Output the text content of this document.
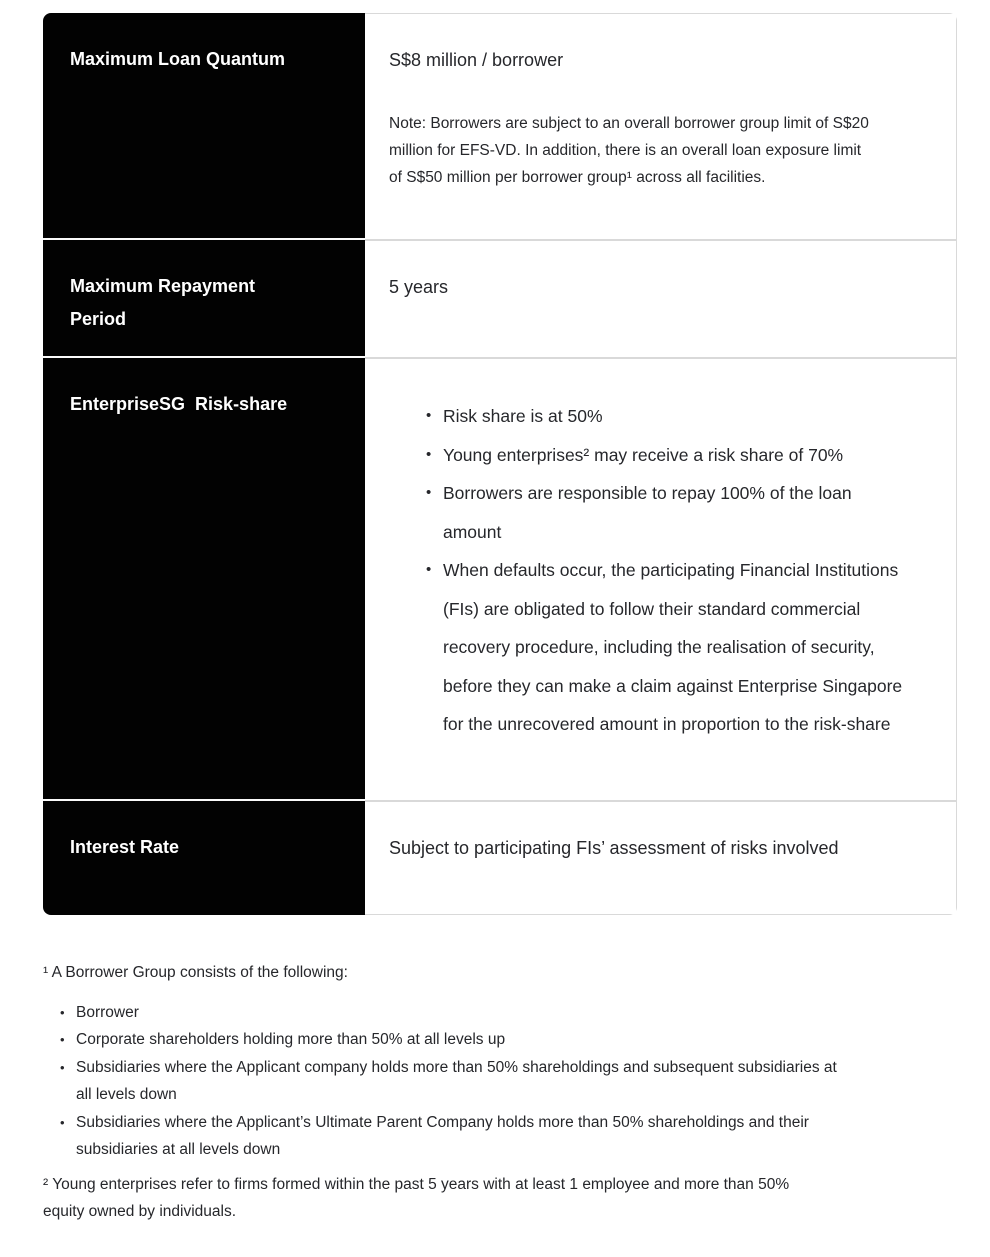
Maximum Loan Quantum	S$8 million / borrower

Note: Borrowers are subject to an overall borrower group limit of S$20 million for EFS-VD. In addition, there is an overall loan exposure limit of S$50 million per borrower group¹ across all facilities.

Maximum Repayment Period

5 years

EnterpriseSG  Risk-share
• Risk share is at 50%
• Young enterprises² may receive a risk share of 70%
• Borrowers are responsible to repay 100% of the loan amount
• When defaults occur, the participating Financial Institutions (FIs) are obligated to follow their standard commercial recovery procedure, including the realisation of security, before they can make a claim against Enterprise Singapore for the unrecovered amount in proportion to the risk-share
Interest Rate	Subject to participating FIs’ assessment of risks involved

¹ A Borrower Group consists of the following:

• Borrower
• Corporate shareholders holding more than 50% at all levels up
• Subsidiaries where the Applicant company holds more than 50% shareholdings and subsequent subsidiaries at all levels down
• Subsidiaries where the Applicant’s Ultimate Parent Company holds more than 50% shareholdings and their subsidiaries at all levels down

² Young enterprises refer to firms formed within the past 5 years with at least 1 employee and more than 50% equity owned by individuals.
